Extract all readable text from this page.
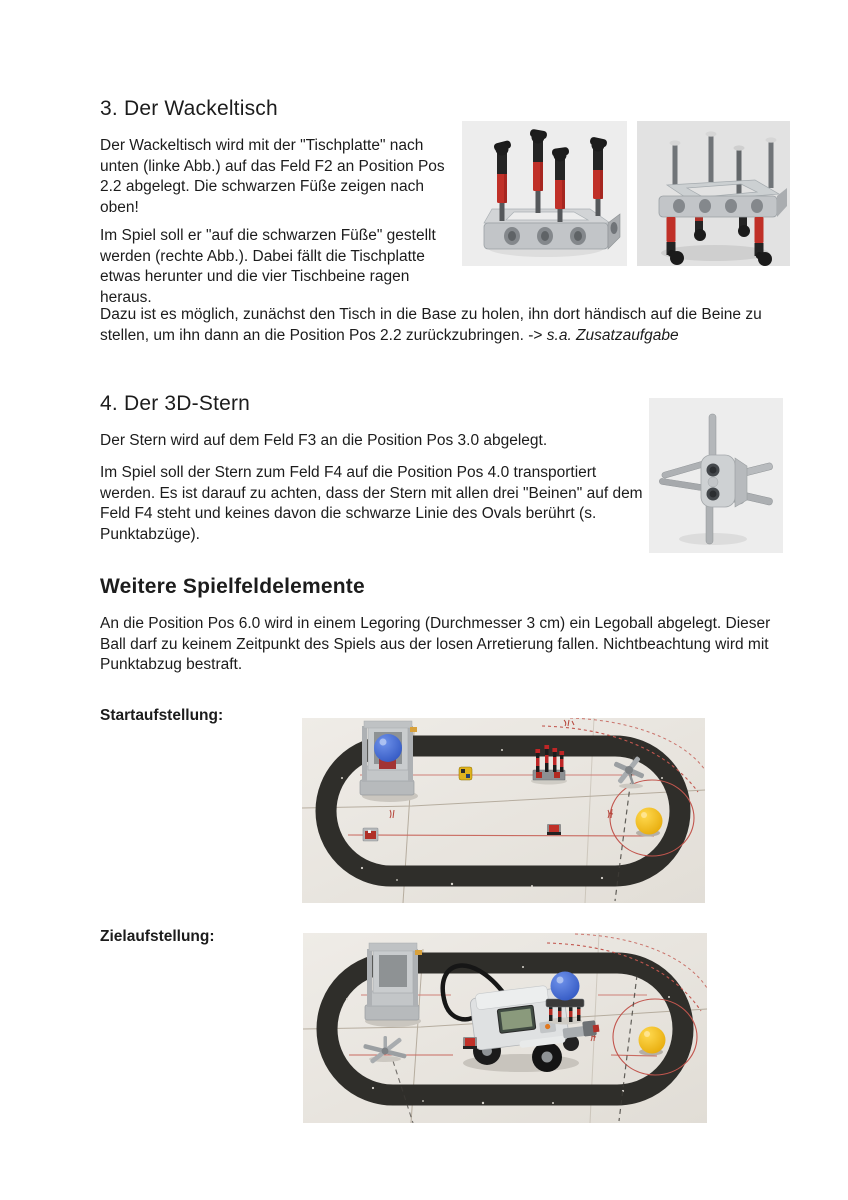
3. Der Wackeltisch

Der Wackeltisch wird mit der "Tischplatte" nach unten (linke Abb.) auf das Feld F2 an Position Pos 2.2 abgelegt. Die schwarzen Füße zeigen nach oben!

Im Spiel soll er "auf die schwarzen Füße" gestellt werden (rechte Abb.). Dabei fällt die Tischplatte etwas herunter und die vier Tischbeine ragen heraus.

Dazu ist es möglich, zunächst den Tisch in die Base zu holen, ihn dort händisch auf die Beine zu stellen, um ihn dann an die Position Pos 2.2 zurückzubringen. -> s.a. Zusatzaufgabe

4. Der 3D-Stern

Der Stern wird auf dem Feld F3 an die Position Pos 3.0 abgelegt.

Im Spiel soll der Stern zum Feld F4 auf die Position Pos 4.0 transportiert werden. Es ist darauf zu achten, dass der Stern mit allen drei "Beinen" auf dem Feld F4 steht und keines davon die schwarze Linie des Ovals berührt (s. Punktabzüge).

Weitere Spielfeldelemente

An die Position Pos 6.0 wird in einem Legoring (Durchmesser 3 cm) ein Legoball abgelegt. Dieser Ball darf zu keinem Zeitpunkt des Spiels aus der losen Arretierung fallen. Nichtbeachtung wird mit Punktabzug bestraft.

Startaufstellung:
Zielaufstellung:
